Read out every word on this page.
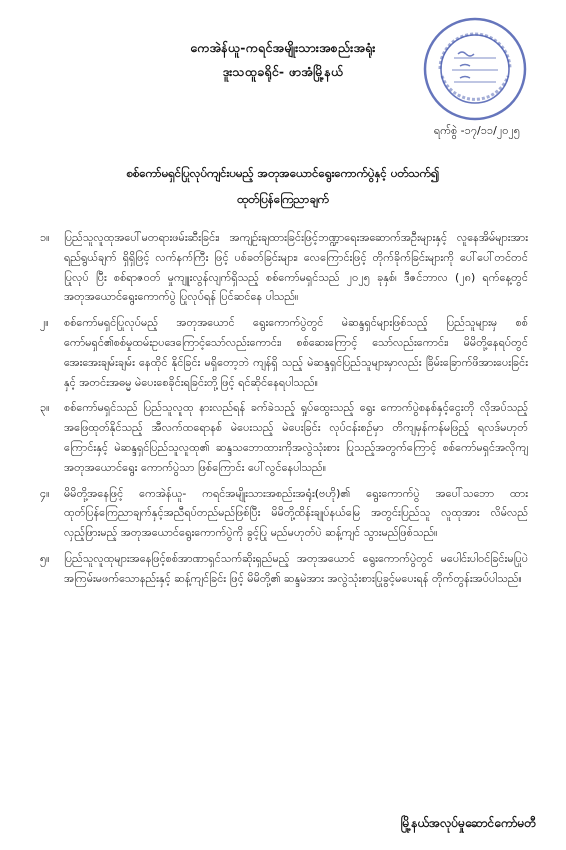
ကေအဲန်ယူ-ကရင်အမျိုးသားအစည်းအရုံး
ဒူးသထူခရိုင်- ဖာအံမြို့နယ်
ရက်စွဲ -၁၇/၁၁/၂၀၂၅
စစ်ကော်မရှင်ပြုလုပ်ကျင်းပမည့် အတုအယောင်ရွေးကောက်ပွဲနှင့် ပတ်သက်၍
ထုတ်ပြန်ကြေညာချက်
၁။	ပြည်သူလူထုအပေါ်မတရားဖမ်းဆီးခြင်း၊ အကျဉ်းချထားခြင်းဖြင့်ဘဏ္ဍာရေးအဆောက်အဦးများနှင့် လူနေအိမ်များအား ရည်ရွယ်ချက် ရှိရှိဖြင့် လက်နက်ကြီး ဖြင့် ပစ်ခတ်ခြင်းများ၊ လေကြောင်းဖြင့် တိုက်ခိုက်ခြင်းများကို ပေါ်ပေါ်တင်တင်ပြုလုပ် ပြီး စစ်ရာဇဝတ် မှုကျူးလွန်လျက်ရှိသည့် စစ်ကော်မရှင်သည် ၂၀၂၅ ခုနှစ်၊ ဒီဇင်ဘာလ (၂၈) ရက်နေ့တွင် အတုအယောင်ရွေးကောက်ပွဲ ပြုလုပ်ရန် ပြင်ဆင်နေ ပါသည်။
၂။	စစ်ကော်မရှင်ပြုလုပ်မည့် အတုအယောင် ရွေးကောက်ပွဲတွင် မဲဆန္ဒရှင်များဖြစ်သည့် ပြည်သူများမှ စစ်ကော်မရှင်၏စစ်မှုထမ်းဥပဒေကြောင့်သော်လည်းကောင်း၊ စစ်ဆေးကြောင့် သော်လည်းကောင်း၊ မိမိတို့နေရပ်တွင် အေးအေးချမ်းချမ်း နေထိုင် နိုင်ခြင်း မရှိတော့ဘဲ ကျန်ရှိ သည့် မဲဆန္ဒရှင်ပြည်သူများမှာလည်း ခြိမ်းခြောက်ဖိအားပေးခြင်းနှင့် အတင်းအဓမ္မ မဲပေးစေခိုင်းရခြင်းတို့ဖြင့် ရင်ဆိုင်နေရပါသည်။
၃။	စစ်ကော်မရှင်သည် ပြည်သူလူထု နားလည်ရန် ခက်ခဲသည့် ရှုပ်ထွေးသည့် ရွေး ကောက်ပွဲစနစ်နှင့်ငွေးတို လိုအပ်သည့် အဖြေထုတ်နိုင်သည့် အီလက်ထရောနစ် မဲပေးသည့် မဲပေးခြင်း လုပ်ငန်းစဉ်မှာ တိကျမှန်ကန်မဖြည့် ရလဒ်မဟုတ်ကြောင်းနှင့် မဲဆန္ဒရှင်ပြည်သူလူထု၏ ဆန္ဒသဘောထားကိုအလွဲသုံးစား ပြုသည့်အတွက်ကြောင့် စစ်ကော်မရှင်အလိုကျ အတုအယောင်ရွေး ကောက်ပွဲသာ ဖြစ်ကြောင်း ပေါ်လွင်နေပါသည်။
၄။	မိမိတို့အနေဖြင့် ကေအဲန်ယူ- ကရင်အမျိုးသားအစည်းအရုံး(ဗဟို)၏ ရွေးကောက်ပွဲ အပေါ်သဘော ထားထုတ်ပြန်ကြေညာချက်နှင့်အညီရပ်တည်မည်ဖြစ်ပြီး မိမိတို့ထိန်းချုပ်နယ်မြေ အတွင်းပြည်သူ လူထုအား လိမ်လည်လှည့်ဖြားမည့် အတုအယောင်ရွေးကောက်ပွဲကို ခွင့်ပြု မည်မဟုတ်ပဲ ဆန့်ကျင် သွားမည်ဖြစ်သည်။
၅။	ပြည်သူလူထုများအနေဖြင့်စစ်အာဏာရှင်သက်ဆိုးရှည်မည့် အတုအယောင် ရွေးကောက်ပွဲတွင် မပေါင်းပါဝင်ခြင်းမပြုပဲ အကြမ်းမဖက်သောနည်းနှင့် ဆန့်ကျင်ခြင်း ဖြင့် မိမိတို့၏ ဆန္ဒမဲအား အလွဲသုံးစားပြုခွင့်မပေးရန် တိုက်တွန်းအပ်ပါသည်။
မြို့နယ်အလုပ်မှုဆောင်ကော်မတီ
